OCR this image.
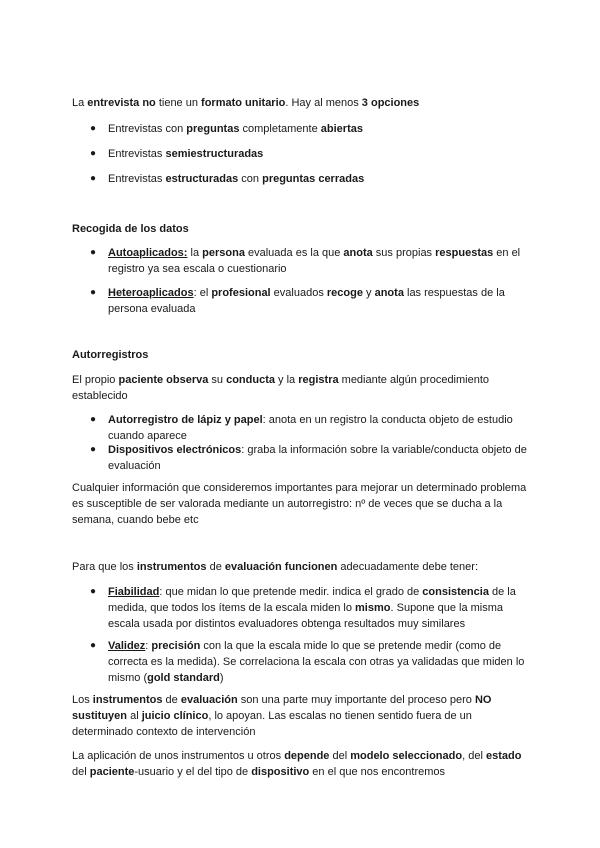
La entrevista no tiene un formato unitario. Hay al menos 3 opciones

● Entrevistas con preguntas completamente abiertas

● Entrevistas semiestructuradas

● Entrevistas estructuradas con preguntas cerradas

Recogida de los datos

● Autoaplicados: la persona evaluada es la que anota sus propias respuestas en el registro ya sea escala o cuestionario

● Heteroaplicados: el profesional evaluados recoge y anota las respuestas de la persona evaluada

Autorregistros

El propio paciente observa su conducta y la registra mediante algún procedimiento establecido

● Autorregistro de lápiz y papel: anota en un registro la conducta objeto de estudio cuando aparece

● Dispositivos electrónicos: graba la información sobre la variable/conducta objeto de evaluación

Cualquier información que consideremos importantes para mejorar un determinado problema es susceptible de ser valorada mediante un autorregistro: nº de veces que se ducha a la semana, cuando bebe etc

Para que los instrumentos de evaluación funcionen adecuadamente debe tener:

● Fiabilidad: que midan lo que pretende medir. indica el grado de consistencia de la medida, que todos los ítems de la escala miden lo mismo. Supone que la misma escala usada por distintos evaluadores obtenga resultados muy similares

● Validez: precisión con la que la escala mide lo que se pretende medir (como de correcta es la medida). Se correlaciona la escala con otras ya validadas que miden lo mismo (gold standard)

Los instrumentos de evaluación son una parte muy importante del proceso pero NO sustituyen al juicio clínico, lo apoyan. Las escalas no tienen sentido fuera de un determinado contexto de intervención

La aplicación de unos instrumentos u otros depende del modelo seleccionado, del estado del paciente-usuario y el del tipo de dispositivo en el que nos encontremos
